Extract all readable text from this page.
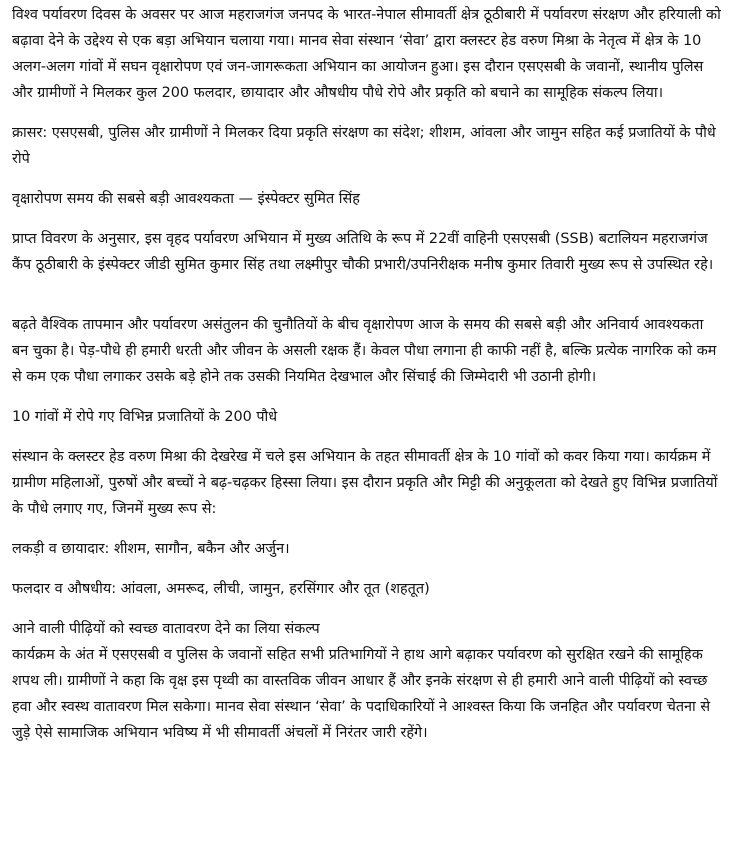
विश्व पर्यावरण दिवस के अवसर पर आज महराजगंज जनपद के भारत-नेपाल सीमावर्ती क्षेत्र ठूठीबारी में पर्यावरण संरक्षण और हरियाली को बढ़ावा देने के उद्देश्य से एक बड़ा अभियान चलाया गया। मानव सेवा संस्थान ‘सेवा’ द्वारा क्लस्टर हेड वरुण मिश्रा के नेतृत्व में क्षेत्र के 10 अलग-अलग गांवों में सघन वृक्षारोपण एवं जन-जागरूकता अभियान का आयोजन हुआ। इस दौरान एसएसबी के जवानों, स्थानीय पुलिस और ग्रामीणों ने मिलकर कुल 200 फलदार, छायादार और औषधीय पौधे रोपे और प्रकृति को बचाने का सामूहिक संकल्प लिया।

क्रासर: एसएसबी, पुलिस और ग्रामीणों ने मिलकर दिया प्रकृति संरक्षण का संदेश; शीशम, आंवला और जामुन सहित कई प्रजातियों के पौधे रोपे

वृक्षारोपण समय की सबसे बड़ी आवश्यकता — इंस्पेक्टर सुमित सिंह

प्राप्त विवरण के अनुसार, इस वृहद पर्यावरण अभियान में मुख्य अतिथि के रूप में 22वीं वाहिनी एसएसबी (SSB) बटालियन महराजगंज कैंप ठूठीबारी के इंस्पेक्टर जीडी सुमित कुमार सिंह तथा लक्ष्मीपुर चौकी प्रभारी/उपनिरीक्षक मनीष कुमार तिवारी मुख्य रूप से उपस्थित रहे।

बढ़ते वैश्विक तापमान और पर्यावरण असंतुलन की चुनौतियों के बीच वृक्षारोपण आज के समय की सबसे बड़ी और अनिवार्य आवश्यकता बन चुका है। पेड़-पौधे ही हमारी धरती और जीवन के असली रक्षक हैं। केवल पौधा लगाना ही काफी नहीं है, बल्कि प्रत्येक नागरिक को कम से कम एक पौधा लगाकर उसके बड़े होने तक उसकी नियमित देखभाल और सिंचाई की जिम्मेदारी भी उठानी होगी।

10 गांवों में रोपे गए विभिन्न प्रजातियों के 200 पौधे

संस्थान के क्लस्टर हेड वरुण मिश्रा की देखरेख में चले इस अभियान के तहत सीमावर्ती क्षेत्र के 10 गांवों को कवर किया गया। कार्यक्रम में ग्रामीण महिलाओं, पुरुषों और बच्चों ने बढ़-चढ़कर हिस्सा लिया। इस दौरान प्रकृति और मिट्टी की अनुकूलता को देखते हुए विभिन्न प्रजातियों के पौधे लगाए गए, जिनमें मुख्य रूप से:

लकड़ी व छायादार: शीशम, सागौन, बकैन और अर्जुन।

फलदार व औषधीय: आंवला, अमरूद, लीची, जामुन, हरसिंगार और तूत (शहतूत)

आने वाली पीढ़ियों को स्वच्छ वातावरण देने का लिया संकल्प

कार्यक्रम के अंत में एसएसबी व पुलिस के जवानों सहित सभी प्रतिभागियों ने हाथ आगे बढ़ाकर पर्यावरण को सुरक्षित रखने की सामूहिक शपथ ली। ग्रामीणों ने कहा कि वृक्ष इस पृथ्वी का वास्तविक जीवन आधार हैं और इनके संरक्षण से ही हमारी आने वाली पीढ़ियों को स्वच्छ हवा और स्वस्थ वातावरण मिल सकेगा। मानव सेवा संस्थान ‘सेवा’ के पदाधिकारियों ने आश्वस्त किया कि जनहित और पर्यावरण चेतना से जुड़े ऐसे सामाजिक अभियान भविष्य में भी सीमावर्ती अंचलों में निरंतर जारी रहेंगे।
